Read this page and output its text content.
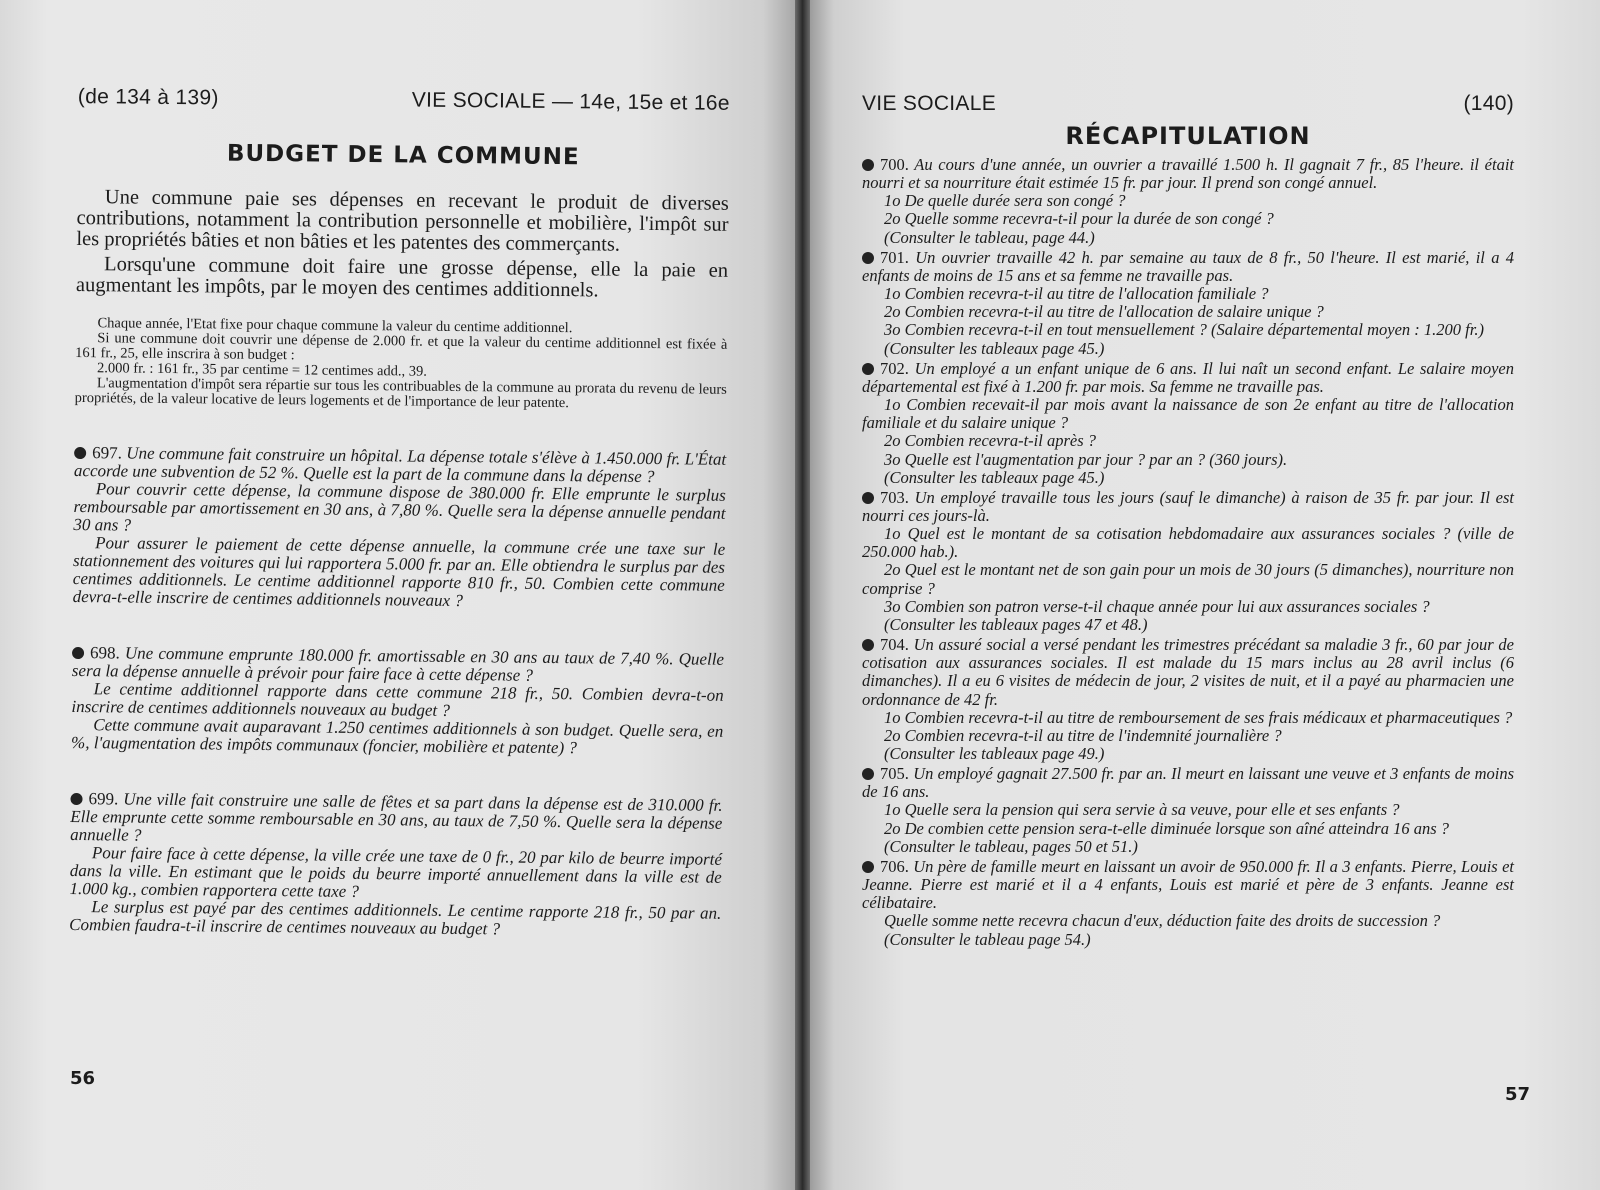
(de 134 à 139)	VIE SOCIALE — 14e, 15e et 16e
BUDGET DE LA COMMUNE

Une commune paie ses dépenses en recevant le produit de diverses contributions, notamment la contribution personnelle et mobilière, l'impôt sur les propriétés bâties et non bâties et les patentes des commerçants.

Lorsqu'une commune doit faire une grosse dépense, elle la paie en augmentant les impôts, par le moyen des centimes additionnels.

Chaque année, l'Etat fixe pour chaque commune la valeur du centime additionnel.

Si une commune doit couvrir une dépense de 2.000 fr. et que la valeur du centime additionnel est fixée à 161 fr., 25, elle inscrira à son budget :

2.000 fr. : 161 fr., 35 par centime = 12 centimes add., 39.

L'augmentation d'impôt sera répartie sur tous les contribuables de la commune au prorata du revenu de leurs propriétés, de la valeur locative de leurs logements et de l'importance de leur patente.

697. Une commune fait construire un hôpital. La dépense totale s'élève à 1.450.000 fr. L'État accorde une subvention de 52 %. Quelle est la part de la commune dans la dépense ?

Pour couvrir cette dépense, la commune dispose de 380.000 fr. Elle emprunte le surplus remboursable par amortissement en 30 ans, à 7,80 %. Quelle sera la dépense annuelle pendant 30 ans ?

Pour assurer le paiement de cette dépense annuelle, la commune crée une taxe sur le stationnement des voitures qui lui rapportera 5.000 fr. par an. Elle obtiendra le surplus par des centimes additionnels. Le centime additionnel rapporte 810 fr., 50. Combien cette commune devra-t-elle inscrire de centimes additionnels nouveaux ?

698. Une commune emprunte 180.000 fr. amortissable en 30 ans au taux de 7,40 %. Quelle sera la dépense annuelle à prévoir pour faire face à cette dépense ?

Le centime additionnel rapporte dans cette commune 218 fr., 50. Combien devra-t-on inscrire de centimes additionnels nouveaux au budget ?

Cette commune avait auparavant 1.250 centimes additionnels à son budget. Quelle sera, en %, l'augmentation des impôts communaux (foncier, mobilière et patente) ?

699. Une ville fait construire une salle de fêtes et sa part dans la dépense est de 310.000 fr. Elle emprunte cette somme remboursable en 30 ans, au taux de 7,50 %. Quelle sera la dépense annuelle ?

Pour faire face à cette dépense, la ville crée une taxe de 0 fr., 20 par kilo de beurre importé dans la ville. En estimant que le poids du beurre importé annuellement dans la ville est de 1.000 kg., combien rapportera cette taxe ?

Le surplus est payé par des centimes additionnels. Le centime rapporte 218 fr., 50 par an. Combien faudra-t-il inscrire de centimes nouveaux au budget ?

56
VIE SOCIALE	(140)
RÉCAPITULATION

700. Au cours d'une année, un ouvrier a travaillé 1.500 h. Il gagnait 7 fr., 85 l'heure. il était nourri et sa nourriture était estimée 15 fr. par jour. Il prend son congé annuel.

1o De quelle durée sera son congé ?

2o Quelle somme recevra-t-il pour la durée de son congé ?

(Consulter le tableau, page 44.)

701. Un ouvrier travaille 42 h. par semaine au taux de 8 fr., 50 l'heure. Il est marié, il a 4 enfants de moins de 15 ans et sa femme ne travaille pas.

1o Combien recevra-t-il au titre de l'allocation familiale ?

2o Combien recevra-t-il au titre de l'allocation de salaire unique ?

3o Combien recevra-t-il en tout mensuellement ? (Salaire départemental moyen : 1.200 fr.)

(Consulter les tableaux page 45.)

702. Un employé a un enfant unique de 6 ans. Il lui naît un second enfant. Le salaire moyen départemental est fixé à 1.200 fr. par mois. Sa femme ne travaille pas.

1o Combien recevait-il par mois avant la naissance de son 2e enfant au titre de l'allocation familiale et du salaire unique ?

2o Combien recevra-t-il après ?

3o Quelle est l'augmentation par jour ? par an ? (360 jours).

(Consulter les tableaux page 45.)

703. Un employé travaille tous les jours (sauf le dimanche) à raison de 35 fr. par jour. Il est nourri ces jours-là.

1o Quel est le montant de sa cotisation hebdomadaire aux assurances sociales ? (ville de 250.000 hab.).

2o Quel est le montant net de son gain pour un mois de 30 jours (5 dimanches), nourriture non comprise ?

3o Combien son patron verse-t-il chaque année pour lui aux assurances sociales ?

(Consulter les tableaux pages 47 et 48.)

704. Un assuré social a versé pendant les trimestres précédant sa maladie 3 fr., 60 par jour de cotisation aux assurances sociales. Il est malade du 15 mars inclus au 28 avril inclus (6 dimanches). Il a eu 6 visites de médecin de jour, 2 visites de nuit, et il a payé au pharmacien une ordonnance de 42 fr.

1o Combien recevra-t-il au titre de remboursement de ses frais médicaux et pharmaceutiques ?

2o Combien recevra-t-il au titre de l'indemnité journalière ?

(Consulter les tableaux page 49.)

705. Un employé gagnait 27.500 fr. par an. Il meurt en laissant une veuve et 3 enfants de moins de 16 ans.

1o Quelle sera la pension qui sera servie à sa veuve, pour elle et ses enfants ?

2o De combien cette pension sera-t-elle diminuée lorsque son aîné atteindra 16 ans ?

(Consulter le tableau, pages 50 et 51.)

706. Un père de famille meurt en laissant un avoir de 950.000 fr. Il a 3 enfants. Pierre, Louis et Jeanne. Pierre est marié et il a 4 enfants, Louis est marié et père de 3 enfants. Jeanne est célibataire.

Quelle somme nette recevra chacun d'eux, déduction faite des droits de succession ?

(Consulter le tableau page 54.)

57
